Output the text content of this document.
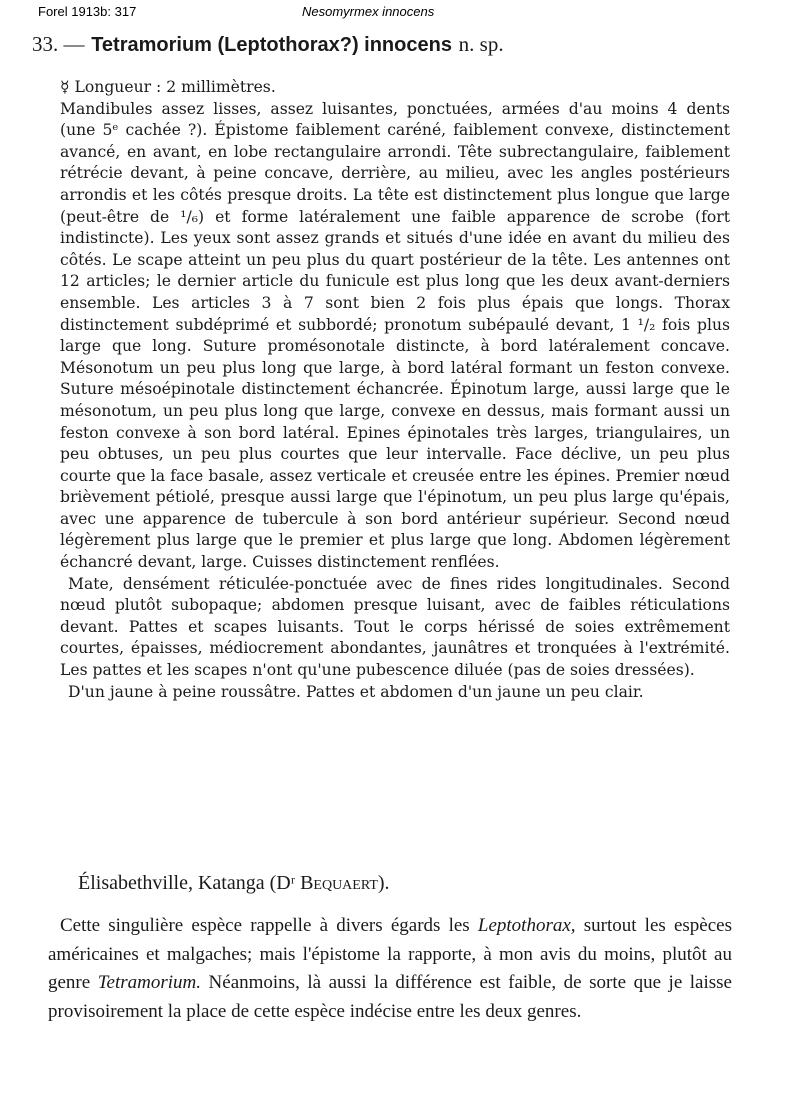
Forel 1913b: 317	Nesomyrmex innocens
33. — Tetramorium (Leptothorax?) innocens n. sp.

☿ Longueur : 2 millimètres.

Mandibules assez lisses, assez luisantes, ponctuées, armées d'au moins 4 dents (une 5ᵉ cachée ?). Épistome faiblement caréné, faiblement convexe, distinctement avancé, en avant, en lobe rectangulaire arrondi. Tête subrectangulaire, faiblement rétrécie devant, à peine concave, derrière, au milieu, avec les angles postérieurs arrondis et les côtés presque droits. La tête est distinctement plus longue que large (peut-être de ¹/₆) et forme latéralement une faible apparence de scrobe (fort indistincte). Les yeux sont assez grands et situés d'une idée en avant du milieu des côtés. Le scape atteint un peu plus du quart postérieur de la tête. Les antennes ont 12 articles; le dernier article du funicule est plus long que les deux avant-derniers ensemble. Les articles 3 à 7 sont bien 2 fois plus épais que longs. Thorax distinctement subdéprimé et subbordé; pronotum subépaulé devant, 1 ¹/₂ fois plus large que long. Suture promésonotale distincte, à bord latéralement concave. Mésonotum un peu plus long que large, à bord latéral formant un feston convexe. Suture mésoépinotale distinctement échancrée. Épinotum large, aussi large que le mésonotum, un peu plus long que large, convexe en dessus, mais formant aussi un feston convexe à son bord latéral. Epines épinotales très larges, triangulaires, un peu obtuses, un peu plus courtes que leur intervalle. Face déclive, un peu plus courte que la face basale, assez verticale et creusée entre les épines. Premier nœud brièvement pétiolé, presque aussi large que l'épinotum, un peu plus large qu'épais, avec une apparence de tubercule à son bord antérieur supérieur. Second nœud légèrement plus large que le premier et plus large que long. Abdomen légèrement échancré devant, large. Cuisses distinctement renflées.

Mate, densément réticulée-ponctuée avec de fines rides longitudinales. Second nœud plutôt subopaque; abdomen presque luisant, avec de faibles réticulations devant. Pattes et scapes luisants. Tout le corps hérissé de soies extrêmement courtes, épaisses, médiocrement abondantes, jaunâtres et tronquées à l'extrémité. Les pattes et les scapes n'ont qu'une pubescence diluée (pas de soies dressées).

D'un jaune à peine roussâtre. Pattes et abdomen d'un jaune un peu clair.

Élisabethville, Katanga (Dʳ Bequaert).

Cette singulière espèce rappelle à divers égards les Leptothorax, surtout les espèces américaines et malgaches; mais l'épistome la rapporte, à mon avis du moins, plutôt au genre Tetramorium. Néanmoins, là aussi la différence est faible, de sorte que je laisse provisoirement la place de cette espèce indécise entre les deux genres.
